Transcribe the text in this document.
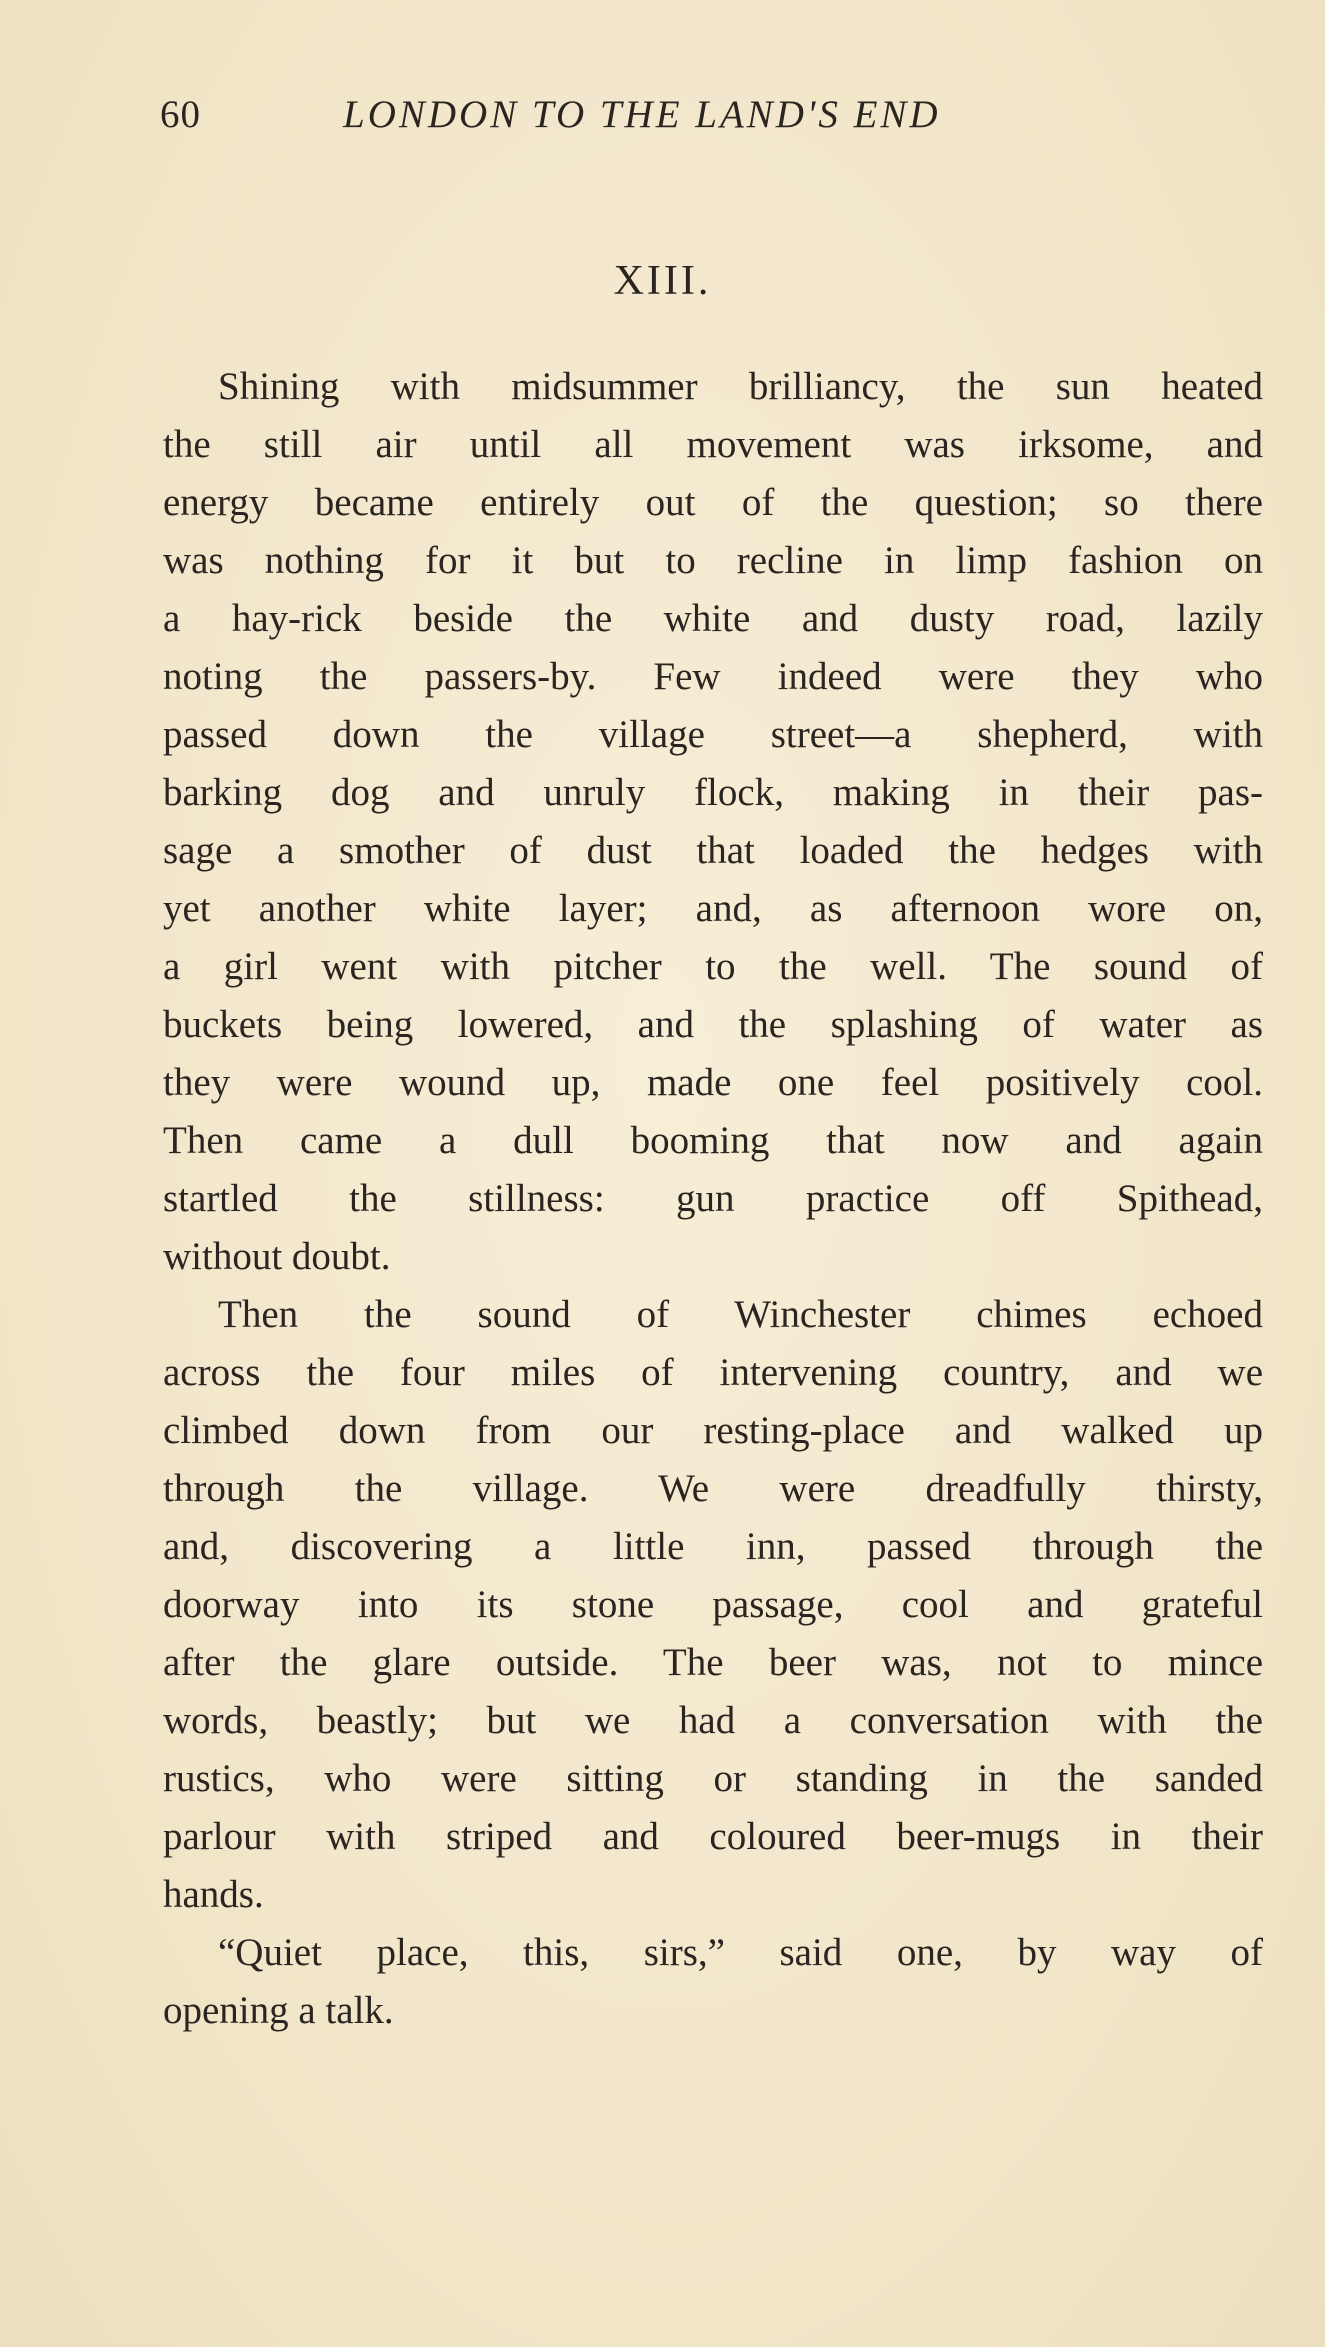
60	LONDON TO THE LAND'S END
XIII.
Shining with midsummer brilliancy, the sun heated
the still air until all movement was irksome, and
energy became entirely out of the question; so there
was nothing for it but to recline in limp fashion on
a hay-rick beside the white and dusty road, lazily
noting the passers-by. Few indeed were they who
passed down the village street—a shepherd, with
barking dog and unruly flock, making in their pas-
sage a smother of dust that loaded the hedges with
yet another white layer; and, as afternoon wore on,
a girl went with pitcher to the well. The sound of
buckets being lowered, and the splashing of water as
they were wound up, made one feel positively cool.
Then came a dull booming that now and again
startled the stillness: gun practice off Spithead,
without doubt.
Then the sound of Winchester chimes echoed
across the four miles of intervening country, and we
climbed down from our resting-place and walked up
through the village. We were dreadfully thirsty,
and, discovering a little inn, passed through the
doorway into its stone passage, cool and grateful
after the glare outside. The beer was, not to mince
words, beastly; but we had a conversation with the
rustics, who were sitting or standing in the sanded
parlour with striped and coloured beer-mugs in their
hands.
“Quiet place, this, sirs,” said one, by way of
opening a talk.
